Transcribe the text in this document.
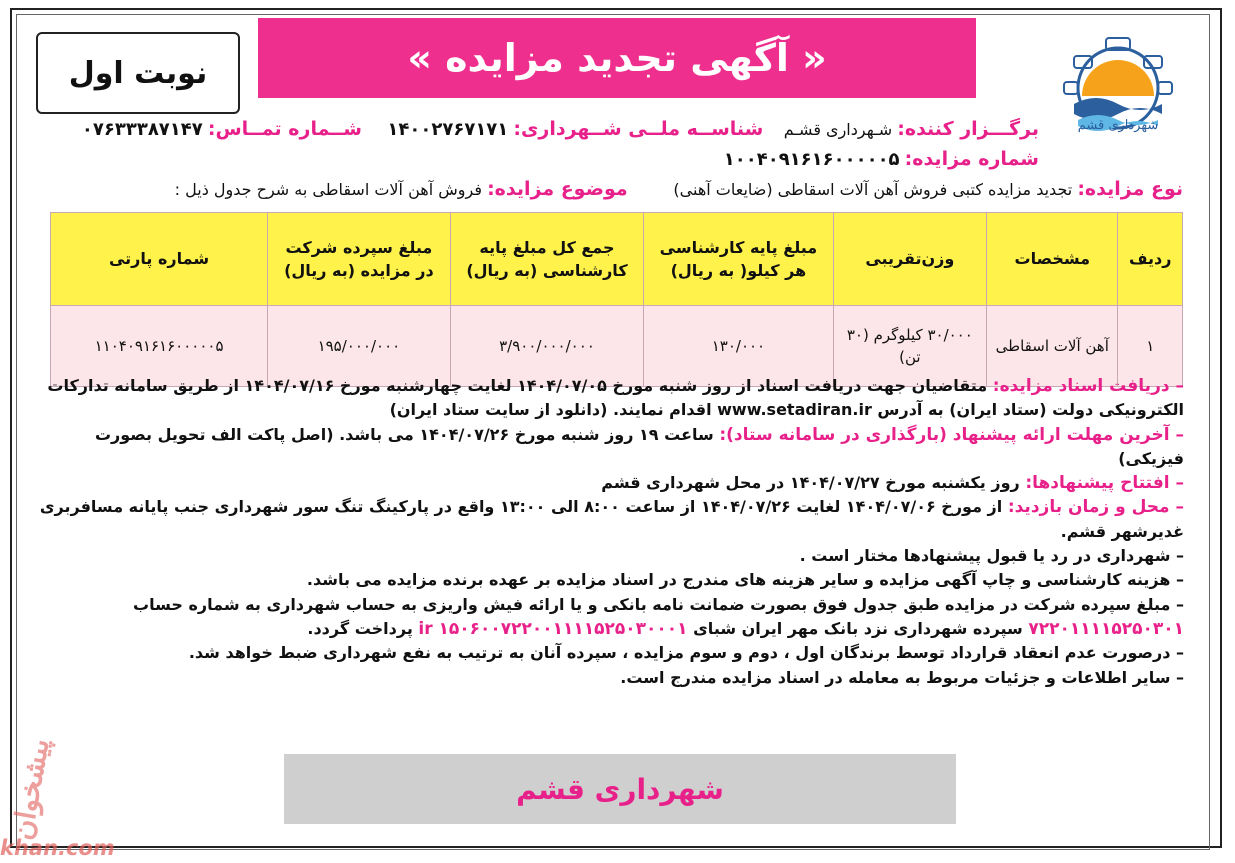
« آگهی تجدید مزایده »
نوبت اول
شهرداری قشم
برگـــزار کننده: شـهرداری قشـم    شناســه ملــی شــهرداری: ۱۴۰۰۲۷۶۷۱۷۱     شــماره تمــاس: ۰۷۶۳۳۳۸۷۱۴۷
شماره مزایده: ۱۰۰۴۰۹۱۶۱۶۰۰۰۰۰۵
نوع مزایده: تجدید مزایده کتبی فروش آهن آلات اسقاطی (ضایعات آهنی)         موضوع مزایده: فروش آهن آلات اسقاطی به شرح جدول ذیل :
ردیف	مشخصات	وزن‌تقریبی	مبلغ پایه کارشناسی هر کیلو( به ریال)	جمع کل مبلغ پایه کارشناسی (به ریال)	مبلغ سپرده شرکت در مزایده (به ریال)	شماره پارتی
۱	آهن آلات اسقاطی	۳۰/۰۰۰ کیلوگرم (۳۰ تن)	۱۳۰/۰۰۰	۳/۹۰۰/۰۰۰/۰۰۰	۱۹۵/۰۰۰/۰۰۰	۱۱۰۴۰۹۱۶۱۶۰۰۰۰۰۵

– دریافت اسناد مزایده: متقاضیان جهت دریافت اسناد از روز شنبه مورخ ۱۴۰۴/۰۷/۰۵ لغایت چهارشنبه مورخ ۱۴۰۴/۰۷/۱۶ از طریق سامانه تدارکات الکترونیکی دولت (ستاد ایران) به آدرس www.setadiran.ir اقدام نمایند. (دانلود از سایت ستاد ایران)

– آخرین مهلت ارائه پیشنهاد (بارگذاری در سامانه ستاد): ساعت ۱۹ روز شنبه مورخ ۱۴۰۴/۰۷/۲۶ می باشد. (اصل پاکت الف تحویل بصورت فیزیکی)

– افتتاح پیشنهادها: روز یکشنبه مورخ ۱۴۰۴/۰۷/۲۷ در محل شهرداری قشم

– محل و زمان بازدید: از مورخ ۱۴۰۴/۰۷/۰۶ لغایت ۱۴۰۴/۰۷/۲۶ از ساعت ۸:۰۰ الی ۱۳:۰۰ واقع در پارکینگ تنگ سور شهرداری جنب پایانه مسافربری غدیرشهر قشم.

– شهرداری در رد یا قبول پیشنهادها مختار است .

– هزینه کارشناسی و چاپ آگهی مزایده و سایر هزینه های مندرج در اسناد مزایده بر عهده برنده مزایده می باشد.

– مبلغ سپرده شرکت در مزایده طبق جدول فوق بصورت ضمانت نامه بانکی و یا ارائه فیش واریزی به حساب شهرداری به شماره حساب ۷۲۲۰۱۱۱۱۵۲۵۰۳۰۱ سپرده شهرداری نزد بانک مهر ایران شبای ir ۱۵۰۶۰۰۷۲۲۰۰۱۱۱۱۵۲۵۰۳۰۰۰۱ پرداخت گردد.

– درصورت عدم انعقاد قرارداد توسط برندگان اول ، دوم و سوم مزایده ، سپرده آنان به ترتیب به نفع شهرداری ضبط خواهد شد.

– سایر اطلاعات و جزئیات مربوط به معامله در اسناد مزایده مندرج است.

شهرداری قشم
پیشخوان
khan.com
